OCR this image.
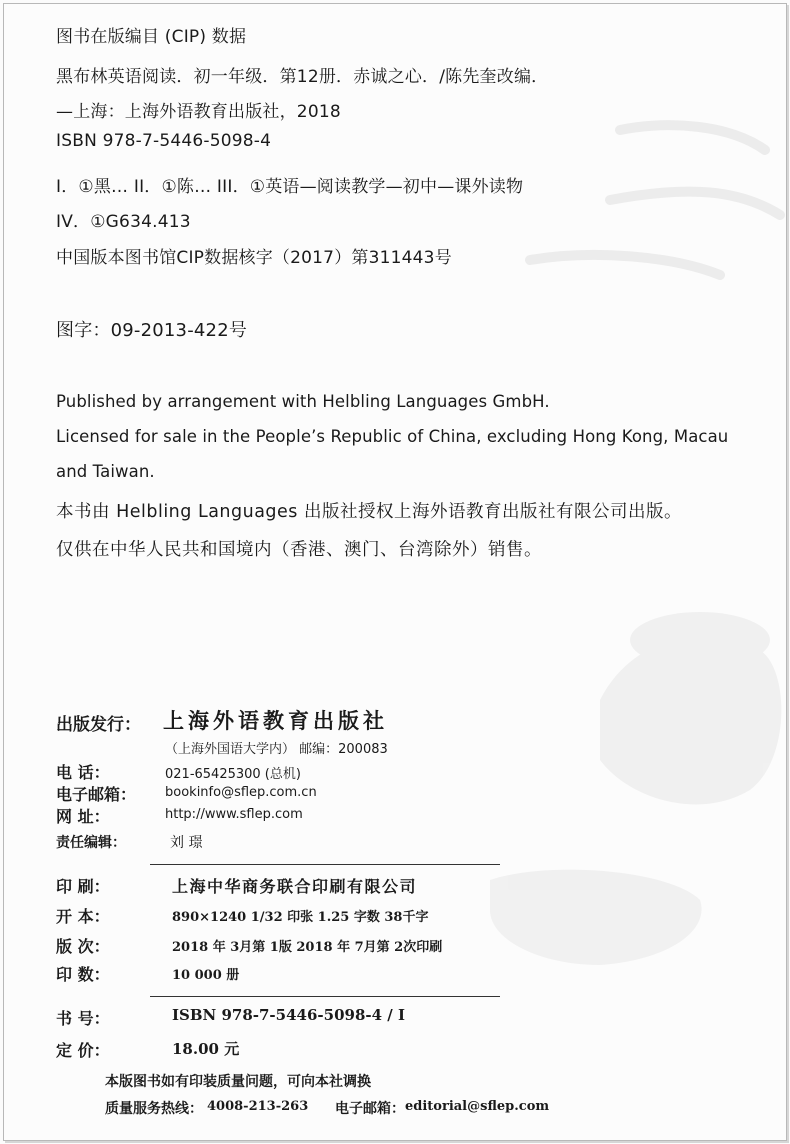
图书在版编目 (CIP) 数据

黑布林英语阅读．初一年级．第12册．赤诚之心．/陈先奎改编．

—上海：上海外语教育出版社，2018

ISBN 978-7-5446-5098-4

I．①黑… II．①陈… III．①英语—阅读教学—初中—课外读物

IV．①G634.413

中国版本图书馆CIP数据核字（2017）第311443号

图字：09-2013-422号

Published by arrangement with Helbling Languages GmbH.

Licensed for sale in the People’s Republic of China, excluding Hong Kong, Macau

and Taiwan.

本书由 Helbling Languages 出版社授权上海外语教育出版社有限公司出版。

仅供在中华人民共和国境内（香港、澳门、台湾除外）销售。

出版发行： 上海外语教育出版社

（上海外国语大学内） 邮编：200083

电 话：	021-65425300 (总机)

电子邮箱： bookinfo@sflep.com.cn

网 址：	http://www.sflep.com

责任编辑：	刘 璟

印 刷：	上海中华商务联合印刷有限公司

开 本：	890×1240 1/32 印张 1.25 字数 38千字

版 次：	2018 年 3月第 1版 2018 年 7月第 2次印刷

印 数：	10 000 册

书 号：	ISBN 978-7-5446-5098-4 / I

定 价：	18.00 元

本版图书如有印装质量问题，可向本社调换

质量服务热线： 4008-213-263 电子邮箱： editorial@sflep.com
